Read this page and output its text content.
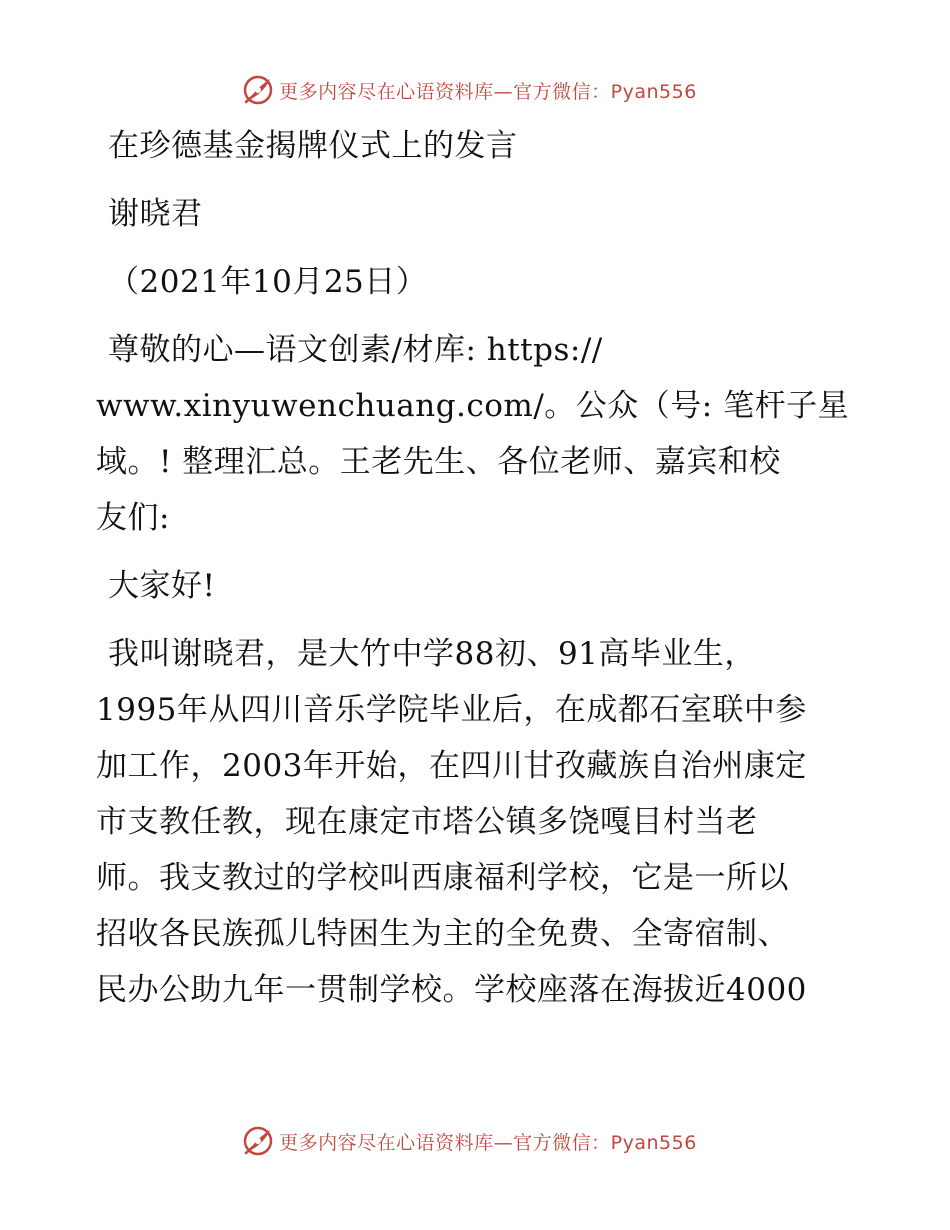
更多内容尽在心语资料库—官方微信：Pyan556
在珍德基金揭牌仪式上的发言
谢晓君
（2021年10月25日）
尊敬的心—语文创素/材库: https://
www.xinyuwenchuang.com/。公众（号: 笔杆子星
域。! 整理汇总。王老先生、各位老师、嘉宾和校
友们:
大家好!
我叫谢晓君，是大竹中学88初、91高毕业生，
1995年从四川音乐学院毕业后，在成都石室联中参
加工作，2003年开始，在四川甘孜藏族自治州康定
市支教任教，现在康定市塔公镇多饶嘎目村当老
师。我支教过的学校叫西康福利学校，它是一所以
招收各民族孤儿特困生为主的全免费、全寄宿制、
民办公助九年一贯制学校。学校座落在海拔近4000
更多内容尽在心语资料库—官方微信：Pyan556
